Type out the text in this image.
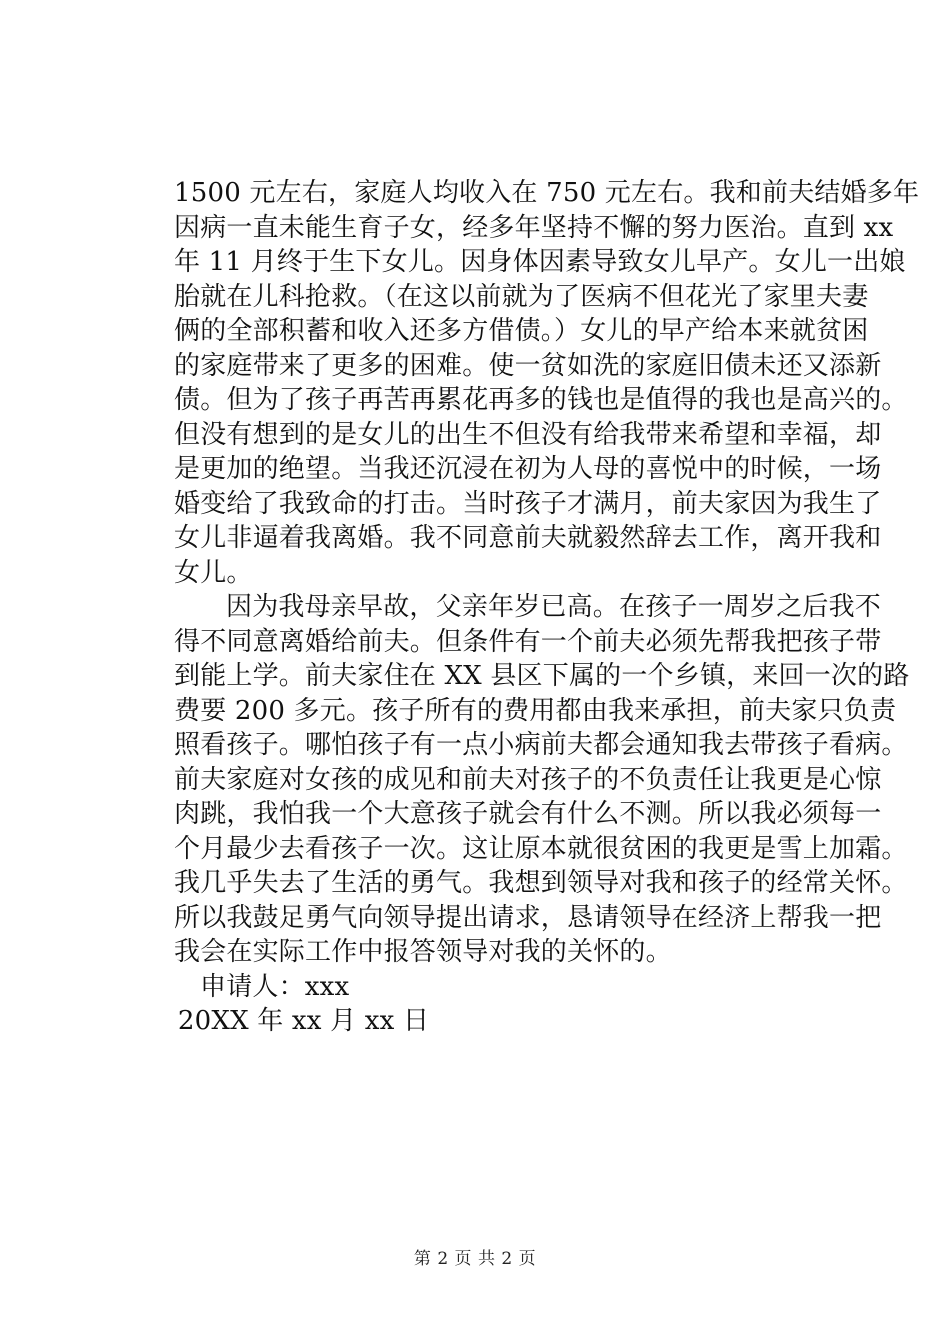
1500 元左右，家庭人均收入在 750 元左右。我和前夫结婚多年
因病一直未能生育子女，经多年坚持不懈的努力医治。直到 xx
年 11 月终于生下女儿。因身体因素导致女儿早产。女儿一出娘
胎就在儿科抢救。（在这以前就为了医病不但花光了家里夫妻
俩的全部积蓄和收入还多方借债。）女儿的早产给本来就贫困
的家庭带来了更多的困难。使一贫如洗的家庭旧债未还又添新
债。但为了孩子再苦再累花再多的钱也是值得的我也是高兴的。
但没有想到的是女儿的出生不但没有给我带来希望和幸福，却
是更加的绝望。当我还沉浸在初为人母的喜悦中的时候，一场
婚变给了我致命的打击。当时孩子才满月，前夫家因为我生了
女儿非逼着我离婚。我不同意前夫就毅然辞去工作，离开我和
女儿。
因为我母亲早故，父亲年岁已高。在孩子一周岁之后我不
得不同意离婚给前夫。但条件有一个前夫必须先帮我把孩子带
到能上学。前夫家住在 XX 县区下属的一个乡镇，来回一次的路
费要 200 多元。孩子所有的费用都由我来承担，前夫家只负责
照看孩子。哪怕孩子有一点小病前夫都会通知我去带孩子看病。
前夫家庭对女孩的成见和前夫对孩子的不负责任让我更是心惊
肉跳，我怕我一个大意孩子就会有什么不测。所以我必须每一
个月最少去看孩子一次。这让原本就很贫困的我更是雪上加霜。
我几乎失去了生活的勇气。我想到领导对我和孩子的经常关怀。
所以我鼓足勇气向领导提出请求，恳请领导在经济上帮我一把
我会在实际工作中报答领导对我的关怀的。
申请人：xxx
20XX 年 xx 月 xx 日
第 2 页 共 2 页
